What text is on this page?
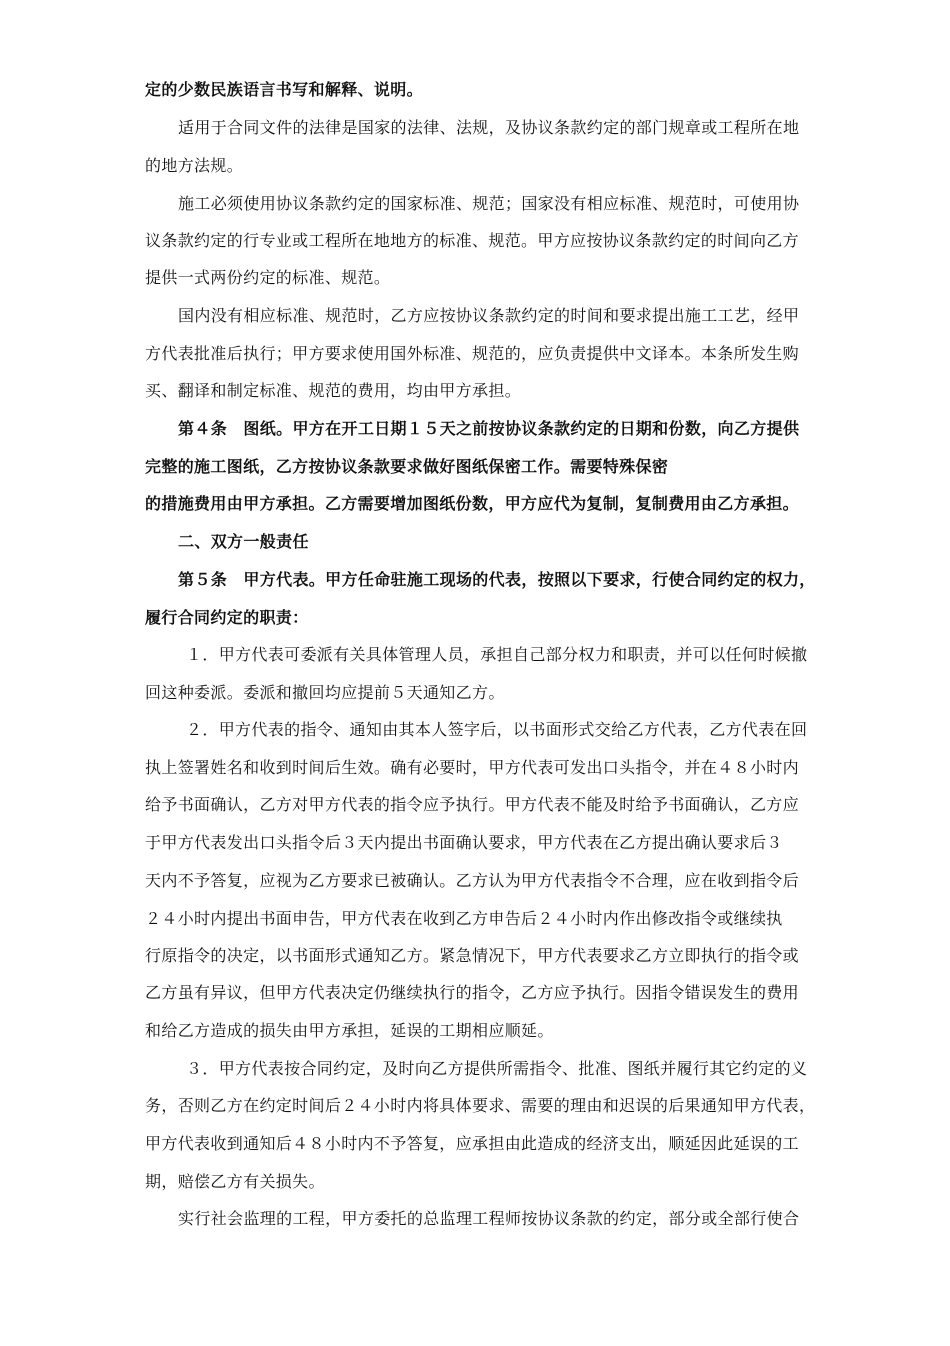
定的少数民族语言书写和解释、说明。

适用于合同文件的法律是国家的法律、法规，及协议条款约定的部门规章或工程所在地

的地方法规。

施工必须使用协议条款约定的国家标准、规范；国家没有相应标准、规范时，可使用协

议条款约定的行专业或工程所在地地方的标准、规范。甲方应按协议条款约定的时间向乙方

提供一式两份约定的标准、规范。

国内没有相应标准、规范时，乙方应按协议条款约定的时间和要求提出施工工艺，经甲

方代表批准后执行；甲方要求使用国外标准、规范的，应负责提供中文译本。本条所发生购

买、翻译和制定标准、规范的费用，均由甲方承担。

第４条　图纸。甲方在开工日期１５天之前按协议条款约定的日期和份数，向乙方提供

完整的施工图纸，乙方按协议条款要求做好图纸保密工作。需要特殊保密

的措施费用由甲方承担。乙方需要增加图纸份数，甲方应代为复制，复制费用由乙方承担。

二、双方一般责任

第５条　甲方代表。甲方任命驻施工现场的代表，按照以下要求，行使合同约定的权力，

履行合同约定的职责：

１．甲方代表可委派有关具体管理人员，承担自己部分权力和职责，并可以任何时候撤

回这种委派。委派和撤回均应提前５天通知乙方。

２．甲方代表的指令、通知由其本人签字后，以书面形式交给乙方代表，乙方代表在回

执上签署姓名和收到时间后生效。确有必要时，甲方代表可发出口头指令，并在４８小时内

给予书面确认，乙方对甲方代表的指令应予执行。甲方代表不能及时给予书面确认，乙方应

于甲方代表发出口头指令后３天内提出书面确认要求，甲方代表在乙方提出确认要求后３

天内不予答复，应视为乙方要求已被确认。乙方认为甲方代表指令不合理，应在收到指令后

２４小时内提出书面申告，甲方代表在收到乙方申告后２４小时内作出修改指令或继续执

行原指令的决定，以书面形式通知乙方。紧急情况下，甲方代表要求乙方立即执行的指令或

乙方虽有异议，但甲方代表决定仍继续执行的指令，乙方应予执行。因指令错误发生的费用

和给乙方造成的损失由甲方承担，延误的工期相应顺延。

３．甲方代表按合同约定，及时向乙方提供所需指令、批准、图纸并履行其它约定的义

务，否则乙方在约定时间后２４小时内将具体要求、需要的理由和迟误的后果通知甲方代表，

甲方代表收到通知后４８小时内不予答复，应承担由此造成的经济支出，顺延因此延误的工

期，赔偿乙方有关损失。

实行社会监理的工程，甲方委托的总监理工程师按协议条款的约定，部分或全部行使合
